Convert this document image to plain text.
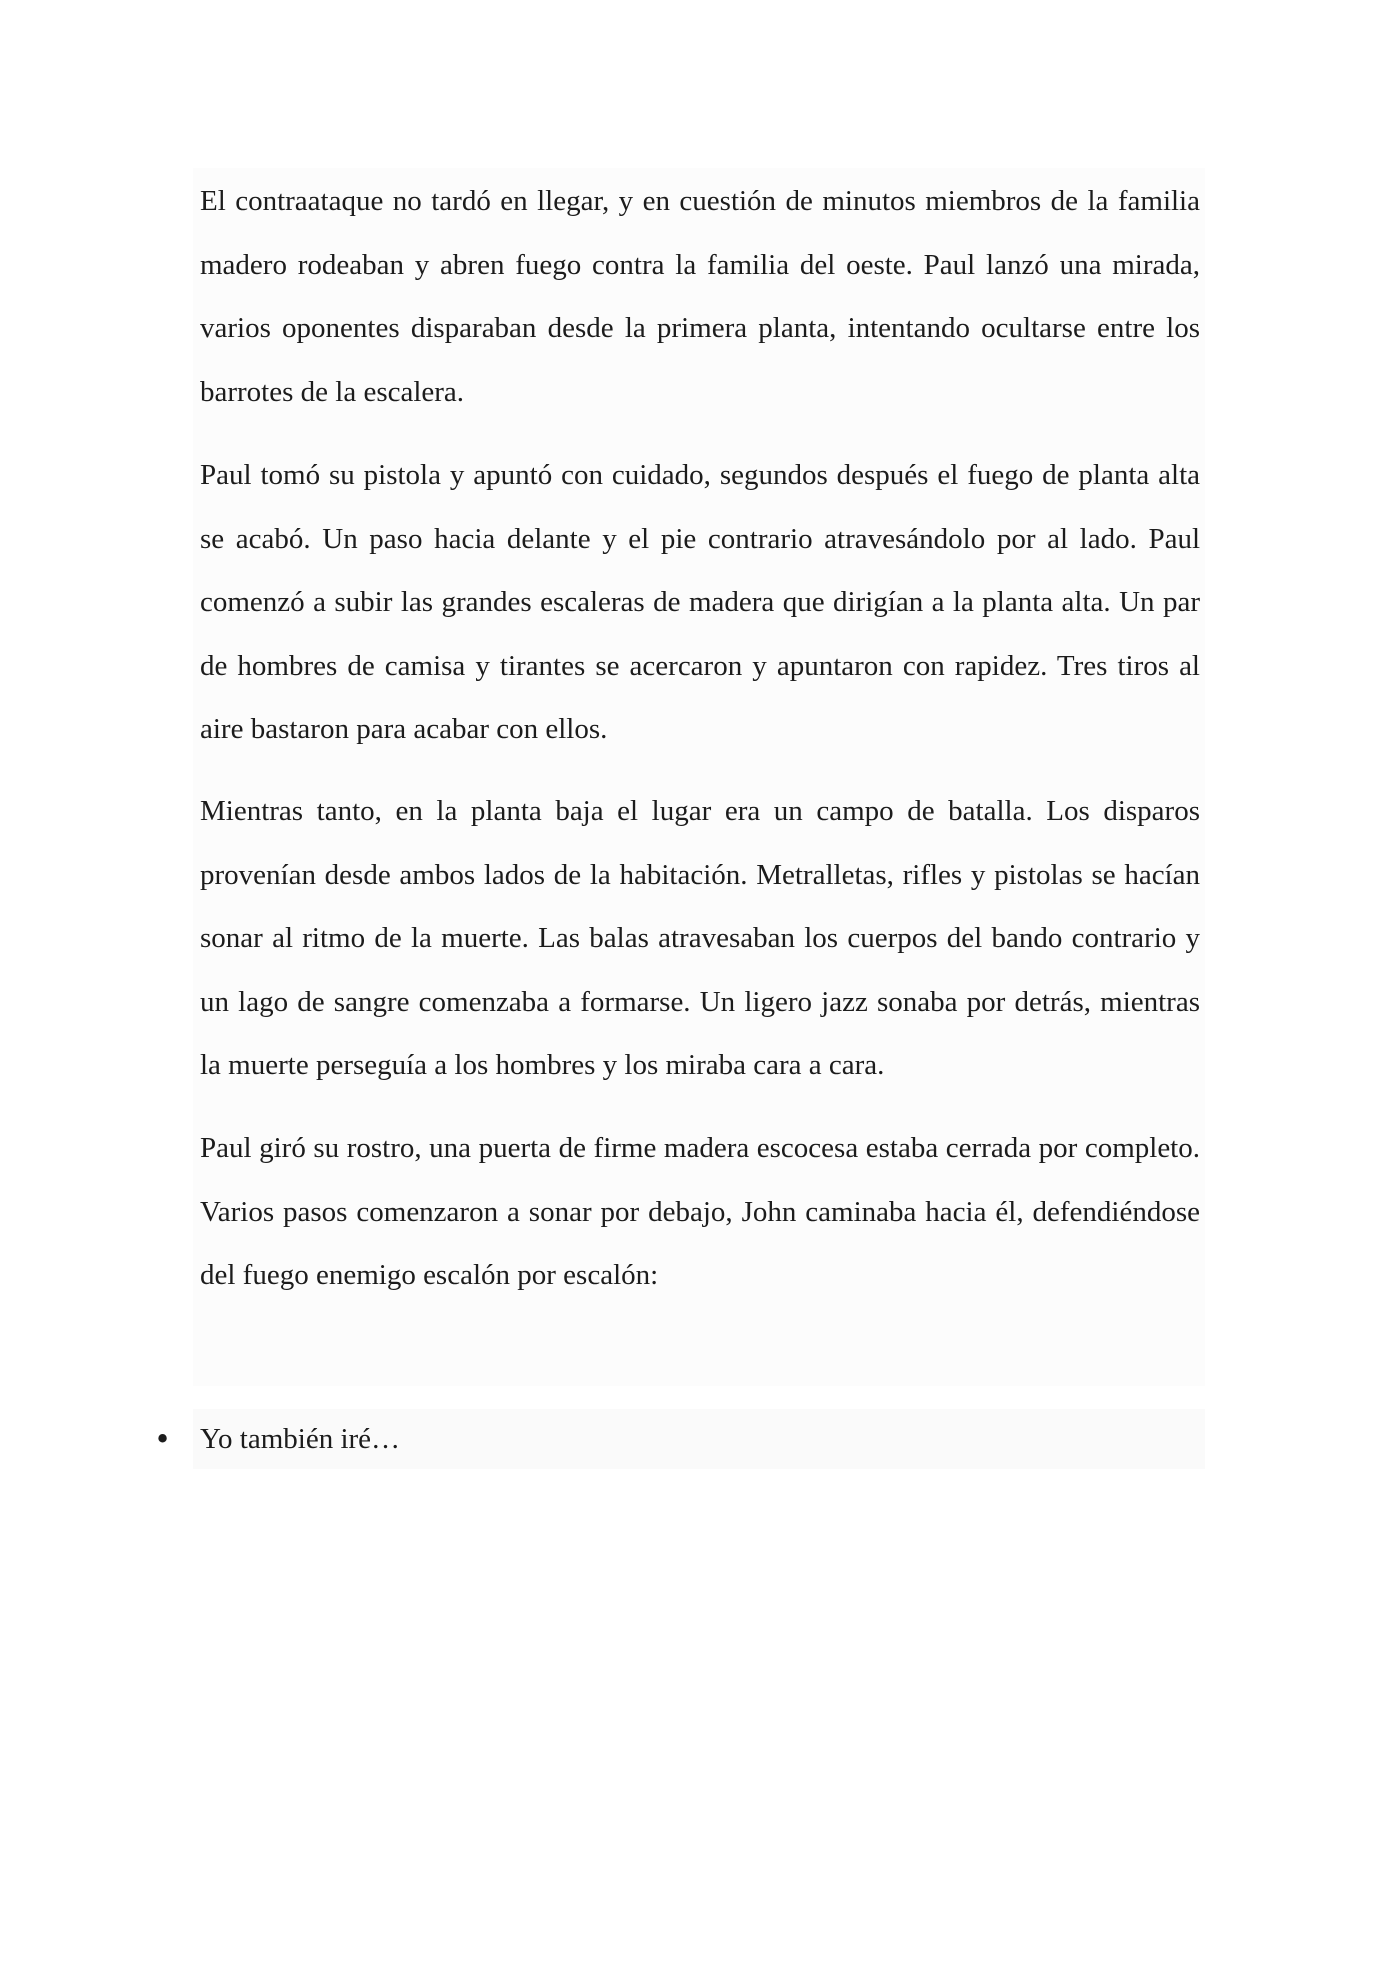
El contraataque no tardó en llegar, y en cuestión de minutos miembros de la familia madero rodeaban y abren fuego contra la familia del oeste. Paul lanzó una mirada, varios oponentes disparaban desde la primera planta, intentando ocultarse entre los barrotes de la escalera.

Paul tomó su pistola y apuntó con cuidado, segundos después el fuego de planta alta se acabó. Un paso hacia delante y el pie contrario atravesándolo por al lado. Paul comenzó a subir las grandes escaleras de madera que dirigían a la planta alta. Un par de hombres de camisa y tirantes se acercaron y apuntaron con rapidez. Tres tiros al aire bastaron para acabar con ellos.

Mientras tanto, en la planta baja el lugar era un campo de batalla. Los disparos provenían desde ambos lados de la habitación. Metralletas, rifles y pistolas se hacían sonar al ritmo de la muerte. Las balas atravesaban los cuerpos del bando contrario y un lago de sangre comenzaba a formarse. Un ligero jazz sonaba por detrás, mientras la muerte perseguía a los hombres y los miraba cara a cara.

Paul giró su rostro, una puerta de firme madera escocesa estaba cerrada por completo. Varios pasos comenzaron a sonar por debajo, John caminaba hacia él, defendiéndose del fuego enemigo escalón por escalón:

• Yo también iré…
